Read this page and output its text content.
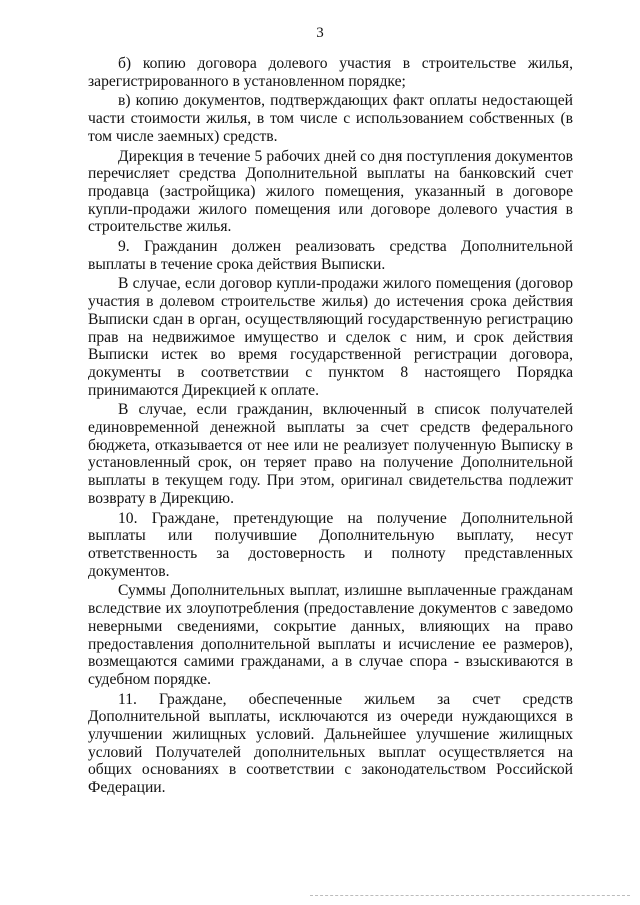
3

б) копию договора долевого участия в строительстве жилья, зарегистрированного в установленном порядке;

в) копию документов, подтверждающих факт оплаты недостающей части стоимости жилья, в том числе с использованием собственных (в том числе заемных) средств.

Дирекция в течение 5 рабочих дней со дня поступления документов перечисляет средства Дополнительной выплаты на банковский счет продавца (застройщика) жилого помещения, указанный в договоре купли-продажи жилого помещения или договоре долевого участия в строительстве жилья.

9. Гражданин должен реализовать средства Дополнительной выплаты в течение срока действия Выписки.

В случае, если договор купли-продажи жилого помещения (договор участия в долевом строительстве жилья) до истечения срока действия Выписки сдан в орган, осуществляющий государственную регистрацию прав на недвижимое имущество и сделок с ним, и срок действия Выписки истек во время государственной регистрации договора, документы в соответствии с пунктом 8 настоящего Порядка принимаются Дирекцией к оплате.

В случае, если гражданин, включенный в список получателей единовременной денежной выплаты за счет средств федерального бюджета, отказывается от нее или не реализует полученную Выписку в установленный срок, он теряет право на получение Дополнительной выплаты в текущем году. При этом, оригинал свидетельства подлежит возврату в Дирекцию.

10. Граждане, претендующие на получение Дополнительной выплаты или получившие Дополнительную выплату, несут ответственность за достоверность и полноту представленных документов.

Суммы Дополнительных выплат, излишне выплаченные гражданам вследствие их злоупотребления (предоставление документов с заведомо неверными сведениями, сокрытие данных, влияющих на право предоставления дополнительной выплаты и исчисление ее размеров), возмещаются самими гражданами, а в случае спора - взыскиваются в судебном порядке.

11. Граждане, обеспеченные жильем за счет средств Дополнительной выплаты, исключаются из очереди нуждающихся в улучшении жилищных условий. Дальнейшее улучшение жилищных условий Получателей дополнительных выплат осуществляется на общих основаниях в соответствии с законодательством Российской Федерации.
